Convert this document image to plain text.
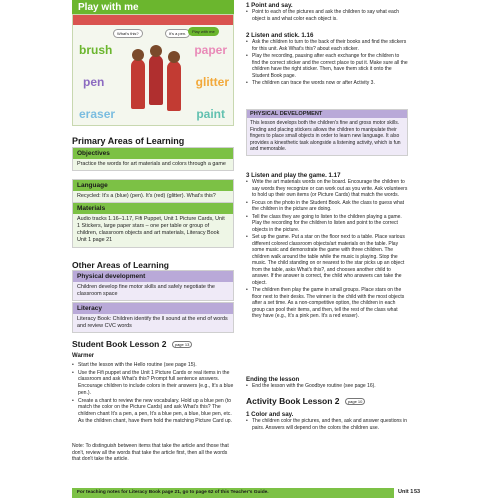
Play with me
brush	paper
pen	glitter
eraser	paint
What's this?	It's a pen.	Play with me
Primary Areas of Learning
Objectives
Practice the words for art materials and colors through a game
Language
Recycled: It's a (blue) (pen). It's (red) (glitter). What's this?
Materials
Audio tracks 1.16–1.17, Fifi Puppet, Unit 1 Picture Cards, Unit 1 Stickers, large paper stars – one per table or group of children, classroom objects and art materials, Literacy Book Unit 1 page 21
Other Areas of Learning
Physical development
Children develop fine motor skills and safely negotiate the classroom space
Literacy
Literacy Book: Children identify the ll sound at the end of words and review CVC words
Student Book Lesson 2 page 13
Warmer
• Start the lesson with the Hello routine (see page 15).
• Use the Fifi puppet and the Unit 1 Picture Cards or real items in the classroom and ask What's this? Prompt full sentence answers. Encourage children to include colors in their answers (e.g., It's a blue pen.).
• Create a chant to review the new vocabulary. Hold up a blue pen (to match the color on the Picture Cards) and ask What's this? The children chant It's a pen, a pen, It's a blue pen, a blue, blue pen, etc. As the children chant, have them hold the matching Picture Card up.
Note: To distinguish between items that take the article and those that don't, review all the words that take the article first, then all the words that don't take the article.
1 Point and say.
• Point to each of the pictures and ask the children to say what each object is and what color each object is.
2 Listen and stick. 1.16
• Ask the children to turn to the back of their books and find the stickers for this unit. Ask What's this? about each sticker.
• Play the recording, pausing after each exchange for the children to find the correct sticker and the correct place to put it. Make sure all the children have the right sticker. Then, have them stick it onto the Student Book page.
• The children can trace the words now or after Activity 3.
PHYSICAL DEVELOPMENT
This lesson develops both the children's fine and gross motor skills. Finding and placing stickers allows the children to manipulate their fingers to place small objects in order to learn new language. It also provides a kinesthetic task alongside a listening activity, which is fun and memorable.
3 Listen and play the game. 1.17
• Write the art materials words on the board. Encourage the children to say words they recognize or can work out as you write. Ask volunteers to hold up their own items (or Picture Cards) that match the words.
• Focus on the photo in the Student Book. Ask the class to guess what the children in the picture are doing.
• Tell the class they are going to listen to the children playing a game. Play the recording for the children to listen and point to the correct objects in the picture.
• Set up the game. Put a star on the floor next to a table. Place various different colored classroom objects/art materials on the table. Play some music and demonstrate the game with three children. The children walk around the table while the music is playing. Stop the music. The child standing on or nearest to the star picks up an object from the table, asks What's this?, and chooses another child to answer. If the answer is correct, the child who answers can take the object.
• The children then play the game in small groups. Place stars on the floor next to their desks. The winner is the child with the most objects after a set time. As a non-competitive option, the children in each group can pool their items, and then, tell the rest of the class what they have (e.g., It's a pink pen. It's a red eraser).
Ending the lesson
• End the lesson with the Goodbye routine (see page 16).
Activity Book Lesson 2 page 10
1 Color and say.
• The children color the pictures, and then, ask and answer questions in pairs. Answers will depend on the colors the children use.
For teaching notes for Literacy Book page 21, go to page 62 of this Teacher's Guide.	Unit 1 53
